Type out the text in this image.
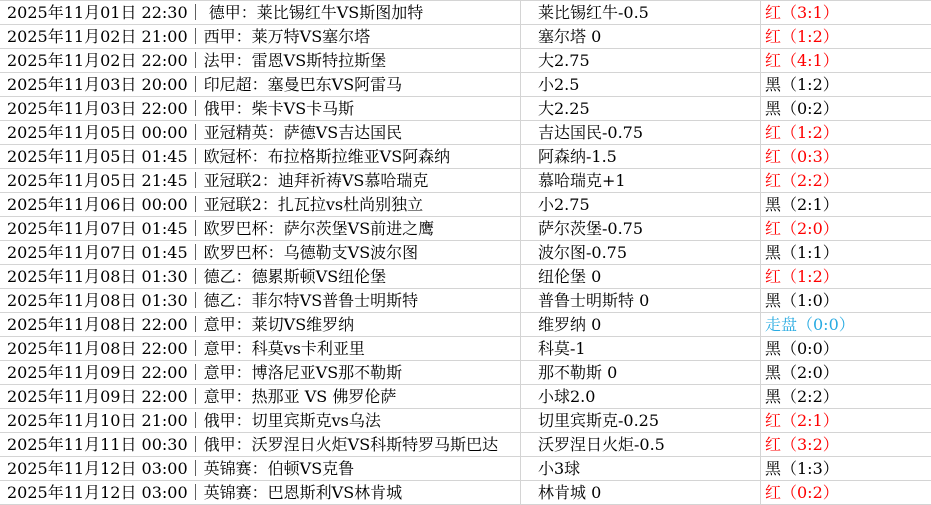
2025年11月01日 22:30｜ 德甲：莱比锡红牛VS斯图加特	莱比锡红牛-0.5	红（3:1）
2025年11月02日 21:00｜西甲：莱万特VS塞尔塔	塞尔塔 0	红（1:2）
2025年11月02日 22:00｜法甲：雷恩VS斯特拉斯堡	大2.75	红（4:1）
2025年11月03日 20:00｜印尼超：塞曼巴东VS阿雷马	小2.5	黑（1:2）
2025年11月03日 22:00｜俄甲：柴卡VS卡马斯	大2.25	黑（0:2）
2025年11月05日 00:00｜亚冠精英：萨德VS吉达国民	吉达国民-0.75	红（1:2）
2025年11月05日 01:45｜欧冠杯：布拉格斯拉维亚VS阿森纳	阿森纳-1.5	红（0:3）
2025年11月05日 21:45｜亚冠联2：迪拜祈祷VS慕哈瑞克	慕哈瑞克+1	红（2:2）
2025年11月06日 00:00｜亚冠联2：扎瓦拉vs杜尚别独立	小2.75	黑（2:1）
2025年11月07日 01:45｜欧罗巴杯：萨尔茨堡VS前进之鹰	萨尔茨堡-0.75	红（2:0）
2025年11月07日 01:45｜欧罗巴杯：乌德勒支VS波尔图	波尔图-0.75	黑（1:1）
2025年11月08日 01:30｜德乙：德累斯顿VS纽伦堡	纽伦堡 0	红（1:2）
2025年11月08日 01:30｜德乙：菲尔特VS普鲁士明斯特	普鲁士明斯特 0	黑（1:0）
2025年11月08日 22:00｜意甲：莱切VS维罗纳	维罗纳 0	走盘（0:0）
2025年11月08日 22:00｜意甲：科莫vs卡利亚里	科莫-1	黑（0:0）
2025年11月09日 22:00｜意甲：博洛尼亚VS那不勒斯	那不勒斯 0	黑（2:0）
2025年11月09日 22:00｜意甲：热那亚 VS 佛罗伦萨	小球2.0	黑（2:2）
2025年11月10日 21:00｜俄甲：切里宾斯克vs乌法	切里宾斯克-0.25	红（2:1）
2025年11月11日 00:30｜俄甲：沃罗涅日火炬VS科斯特罗马斯巴达	沃罗涅日火炬-0.5	红（3:2）
2025年11月12日 03:00｜英锦赛：伯顿VS克鲁	小3球	黑（1:3）
2025年11月12日 03:00｜英锦赛：巴恩斯利VS林肯城	林肯城 0	红（0:2）
